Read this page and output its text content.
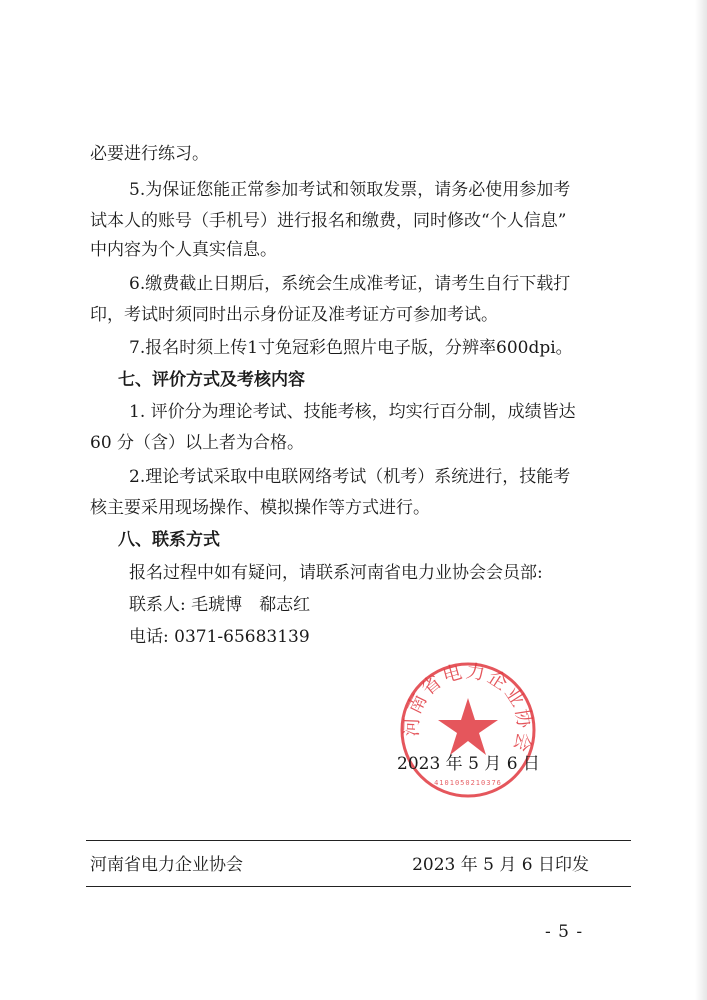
必要进行练习。
5.为保证您能正常参加考试和领取发票，请务必使用参加考
试本人的账号（手机号）进行报名和缴费，同时修改“个人信息”
中内容为个人真实信息。
6.缴费截止日期后，系统会生成准考证，请考生自行下载打
印，考试时须同时出示身份证及准考证方可参加考试。
7.报名时须上传1寸免冠彩色照片电子版，分辨率600dpi。
七、评价方式及考核内容
1. 评价分为理论考试、技能考核，均实行百分制，成绩皆达
60 分（含）以上者为合格。
2.理论考试采取中电联网络考试（机考）系统进行，技能考
核主要采用现场操作、模拟操作等方式进行。
八、联系方式
报名过程中如有疑问，请联系河南省电力业协会会员部:
联系人: 毛琥博　郗志红
电话: 0371-65683139
河南省电力企业协会
4101050210376
2023 年 5 月 6 日
河南省电力企业协会	2023 年 5 月 6 日印发
- 5 -
